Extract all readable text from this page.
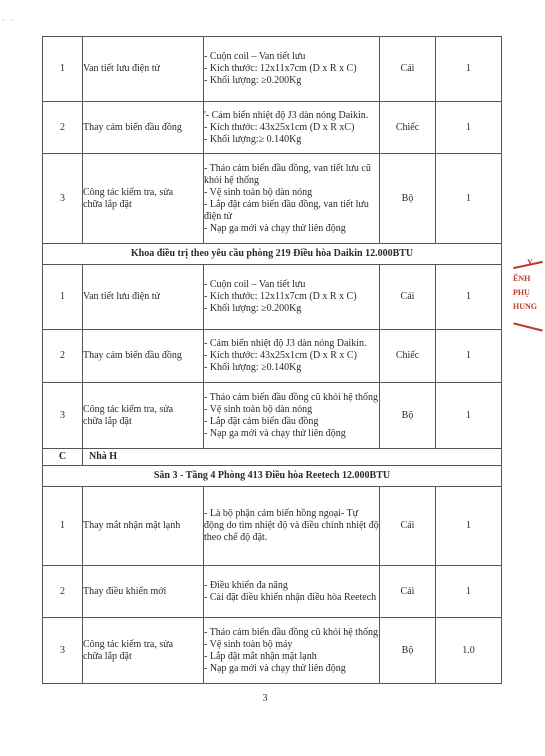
· ·
1	Van tiết lưu điện tử	- Cuộn coil – Van tiết lưu
- Kích thước: 12x11x7cm (D x R x C)
- Khối lượng: ≥0.200Kg	Cái	1

2	Thay cảm biến đầu đồng	'- Cảm biến nhiệt độ J3 dàn nóng Daikin.
- Kích thước: 43x25x1cm (D x R xC)
- Khối lượng:≥ 0.140Kg	Chiếc	1

3	Công tác kiểm tra, sửa
chữa lắp đặt	- Tháo cảm biến đầu đồng, van tiết lưu cũ khỏi hệ thống
- Vệ sinh toàn bộ dàn nóng
- Lắp đặt cảm biến đầu đồng, van tiết lưu điện tử
- Nạp ga mới và chạy thử liên động	Bộ	1

Khoa điều trị theo yêu cầu phòng 219 Điều hòa Daikin 12.000BTU				

1	Van tiết lưu điện tử	- Cuộn coil – Van tiết lưu
- Kích thước: 12x11x7cm (D x R x C)
- Khối lượng: ≥0.200Kg	Cái	1

2	Thay cảm biến đầu đồng	- Cảm biến nhiệt độ J3 dàn nóng Daikin.
- Kích thước: 43x25x1cm (D x R x C)
- Khối lượng: ≥0.140Kg	Chiếc	1

3	Công tác kiểm tra, sửa
chữa lắp đặt	- Tháo cảm biến đầu đồng cũ khỏi hệ thống
- Vệ sinh toàn bộ dàn nóng
- Lắp đặt cảm biến đầu đồng
- Nạp ga mới và chạy thử liên động	Bộ	1

C	Nhà H			

Sân 3 - Tầng 4 Phòng 413 Điều hòa Reetech 12.000BTU				

1	Thay mắt nhận mặt lạnh	- Là bộ phận cảm biến hồng ngoại- Tự động do tìm nhiệt độ và điều chỉnh nhiệt độ theo chế độ đặt.	Cái	1

2	Thay điều khiển mới	- Điều khiển đa năng
- Cài đặt điều khiển nhận điều hòa Reetech	Cái	1

3	Công tác kiểm tra, sửa
chữa lắp đặt	- Tháo cảm biến đầu đồng cũ khỏi hệ thống
- Vệ sinh toàn bộ máy
- Lắp đặt mắt nhận mặt lạnh
- Nạp ga mới và chạy thử liên động	Bộ	1.0
Y
ẾNH
PHỤ
HUNG
3
